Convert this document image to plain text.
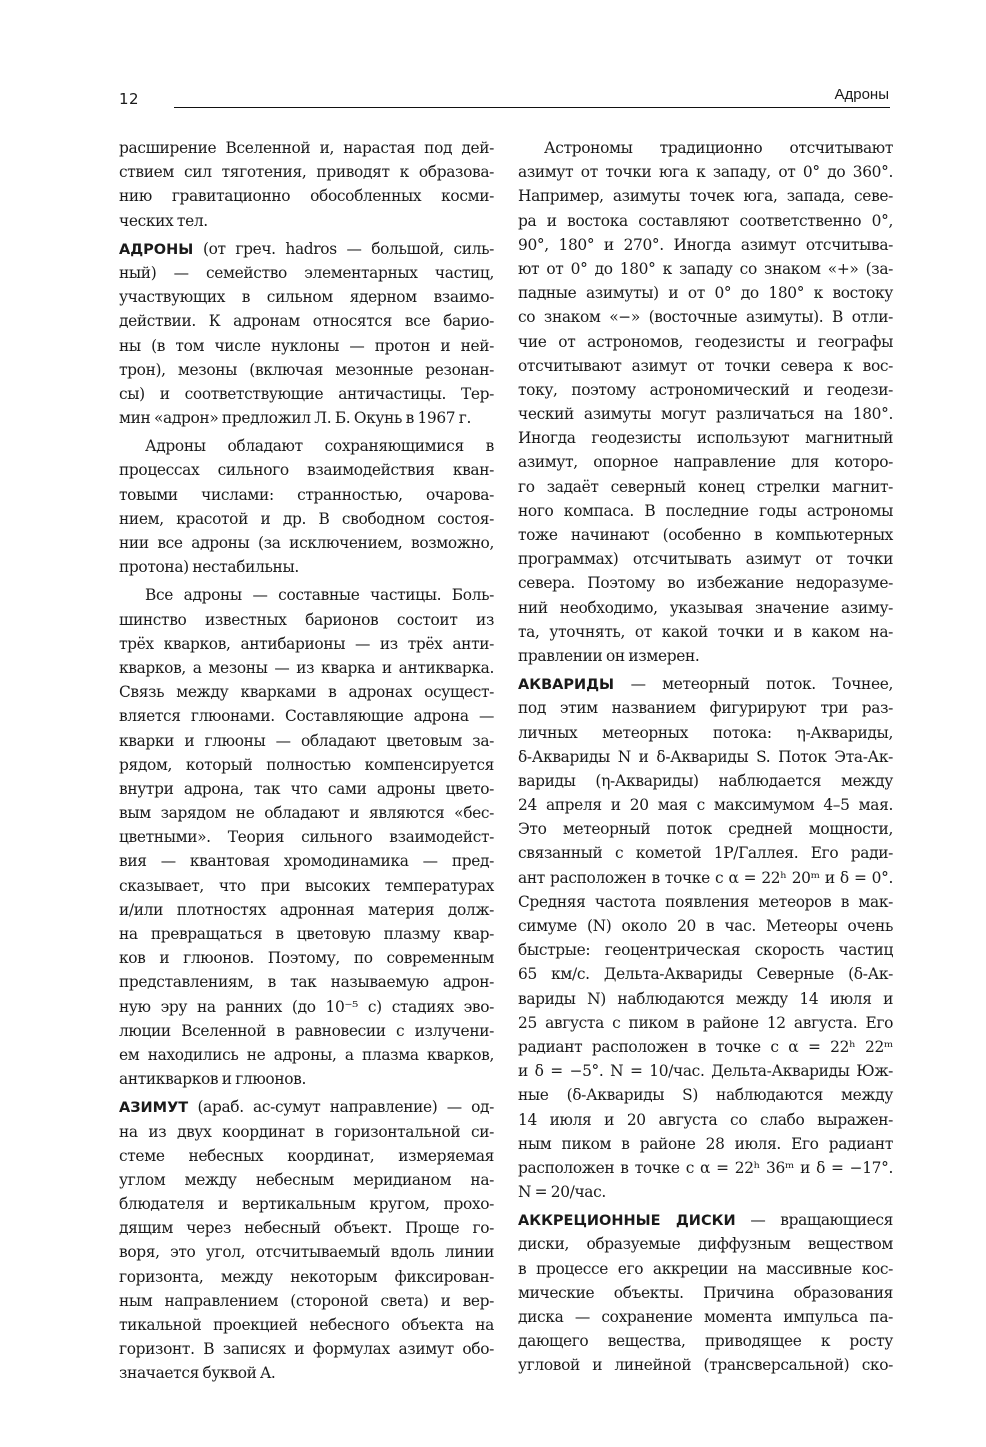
12	Адроны
расширение Вселенной и, нарастая под дей-
ствием сил тяготения, приводят к образова-
нию гравитационно обособленных косми-
ческих тел.
АДРОНЫ (от греч. hadros — большой, силь-
ный) — семейство элементарных частиц,
участвующих в сильном ядерном взаимо-
действии. К адронам относятся все барио-
ны (в том числе нуклоны — протон и ней-
трон), мезоны (включая мезонные резонан-
сы) и соответствующие античастицы. Тер-
мин «адрон» предложил Л. Б. Окунь в 1967 г.
Адроны обладают сохраняющимися в
процессах сильного взаимодействия кван-
товыми числами: странностью, очарова-
нием, красотой и др. В свободном состоя-
нии все адроны (за исключением, возможно,
протона) нестабильны.
Все адроны — составные частицы. Боль-
шинство известных барионов состоит из
трёх кварков, антибарионы — из трёх анти-
кварков, а мезоны — из кварка и антикварка.
Связь между кварками в адронах осущест-
вляется глюонами. Составляющие адрона —
кварки и глюоны — обладают цветовым за-
рядом, который полностью компенсируется
внутри адрона, так что сами адроны цвето-
вым зарядом не обладают и являются «бес-
цветными». Теория сильного взаимодейст-
вия — квантовая хромодинамика — пред-
сказывает, что при высоких температурах
и/или плотностях адронная материя долж-
на превращаться в цветовую плазму квар-
ков и глюонов. Поэтому, по современным
представлениям, в так называемую адрон-
ную эру на ранних (до 10⁻⁵ с) стадиях эво-
люции Вселенной в равновесии с излучени-
ем находились не адроны, а плазма кварков,
антикварков и глюонов.
АЗИМУТ (араб. ас-сумут направление) — од-
на из двух координат в горизонтальной си-
стеме небесных координат, измеряемая
углом между небесным меридианом на-
блюдателя и вертикальным кругом, прохо-
дящим через небесный объект. Проще го-
воря, это угол, отсчитываемый вдоль линии
горизонта, между некоторым фиксирован-
ным направлением (стороной света) и вер-
тикальной проекцией небесного объекта на
горизонт. В записях и формулах азимут обо-
значается буквой A.
Астрономы традиционно отсчитывают
азимут от точки юга к западу, от 0° до 360°.
Например, азимуты точек юга, запада, севе-
ра и востока составляют соответственно 0°,
90°, 180° и 270°. Иногда азимут отсчитыва-
ют от 0° до 180° к западу со знаком «+» (за-
падные азимуты) и от 0° до 180° к востоку
со знаком «−» (восточные азимуты). В отли-
чие от астрономов, геодезисты и географы
отсчитывают азимут от точки севера к вос-
току, поэтому астрономический и геодези-
ческий азимуты могут различаться на 180°.
Иногда геодезисты используют магнитный
азимут, опорное направление для которо-
го задаёт северный конец стрелки магнит-
ного компаса. В последние годы астрономы
тоже начинают (особенно в компьютерных
программах) отсчитывать азимут от точки
севера. Поэтому во избежание недоразуме-
ний необходимо, указывая значение азиму-
та, уточнять, от какой точки и в каком на-
правлении он измерен.
АКВАРИДЫ — метеорный поток. Точнее,
под этим названием фигурируют три раз-
личных метеорных потока: η-Аквариды,
δ-Аквариды N и δ-Аквариды S. Поток Эта-Ак-
вариды (η-Аквариды) наблюдается между
24 апреля и 20 мая с максимумом 4–5 мая.
Это метеорный поток средней мощности,
связанный с кометой 1P/Галлея. Его ради-
ант расположен в точке с α = 22ʰ 20ᵐ и δ = 0°.
Средняя частота появления метеоров в мак-
симуме (N) около 20 в час. Метеоры очень
быстрые: геоцентрическая скорость частиц
65 км/с. Дельта-Аквариды Северные (δ-Ак-
вариды N) наблюдаются между 14 июля и
25 августа с пиком в районе 12 августа. Его
радиант расположен в точке с α = 22ʰ 22ᵐ
и δ = −5°. N = 10/час. Дельта-Аквариды Юж-
ные (δ-Аквариды S) наблюдаются между
14 июля и 20 августа со слабо выражен-
ным пиком в районе 28 июля. Его радиант
расположен в точке с α = 22ʰ 36ᵐ и δ = −17°.
N = 20/час.
АККРЕЦИОННЫЕ ДИСКИ — вращающиеся
диски, образуемые диффузным веществом
в процессе его аккреции на массивные кос-
мические объекты. Причина образования
диска — сохранение момента импульса па-
дающего вещества, приводящее к росту
угловой и линейной (трансверсальной) ско-
